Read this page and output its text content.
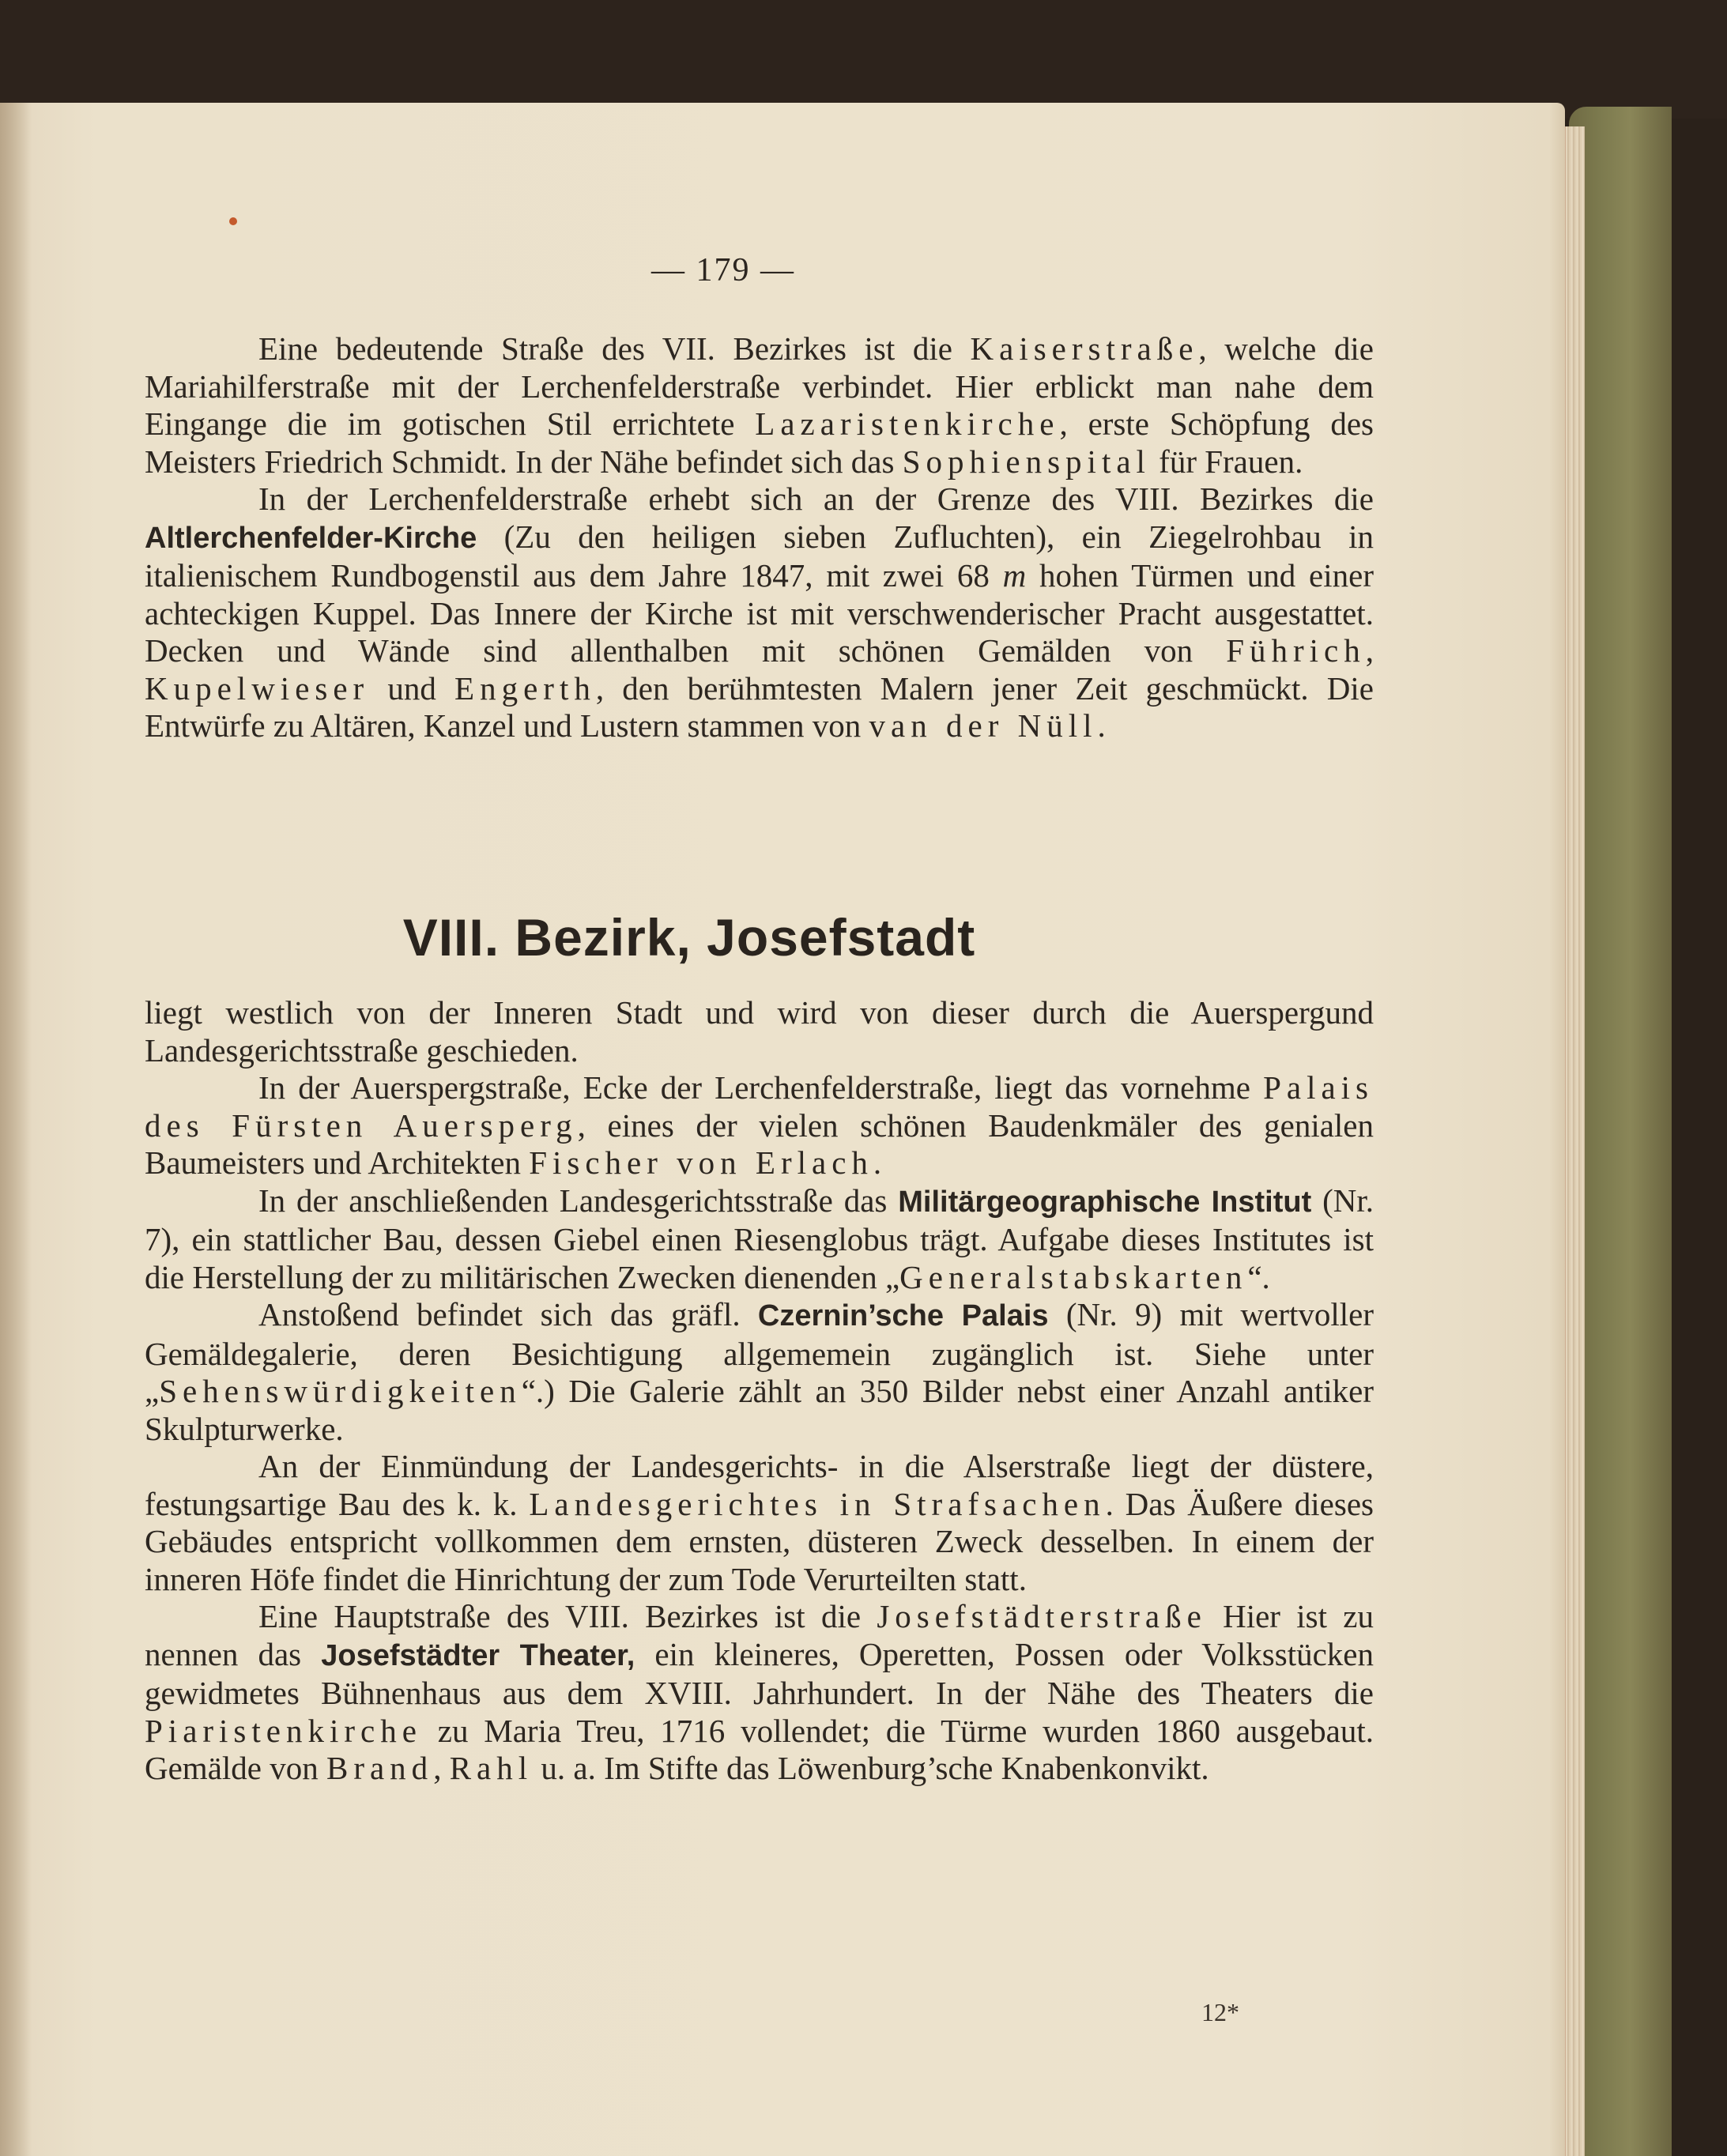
— 179 —

Eine bedeutende Straße des VII. Bezirkes ist die Kaiserstraße, welche die Mariahilferstraße mit der Lerchenfelderstraße verbindet. Hier erblickt man nahe dem Eingange die im gotischen Stil errichtete Lazaristenkirche, erste Schöpfung des Meisters Friedrich Schmidt. In der Nähe befindet sich das Sophienspital für Frauen.

In der Lerchenfelderstraße erhebt sich an der Grenze des VIII. Bezirkes die Altlerchenfelder-Kirche (Zu den heiligen sieben Zufluchten), ein Ziegelrohbau in italienischem Rundbogenstil aus dem Jahre 1847, mit zwei 68 m hohen Türmen und einer achteckigen Kuppel. Das Innere der Kirche ist mit verschwenderischer Pracht ausgestattet. Decken und Wände sind allenthalben mit schönen Gemälden von Führich, Kupelwieser und Engerth, den berühmtesten Malern jener Zeit geschmückt. Die Entwürfe zu Altären, Kanzel und Lustern stammen von van der Nüll.

VIII. Bezirk, Josefstadt

liegt westlich von der Inneren Stadt und wird von dieser durch die Auerspergund Landesgerichtsstraße geschieden.

In der Auerspergstraße, Ecke der Lerchenfelderstraße, liegt das vornehme Palais des Fürsten Auersperg, eines der vielen schönen Baudenkmäler des genialen Baumeisters und Architekten Fischer von Erlach.

In der anschließenden Landesgerichtsstraße das Militärgeographische Institut (Nr. 7), ein stattlicher Bau, dessen Giebel einen Riesenglobus trägt. Aufgabe dieses Institutes ist die Herstellung der zu militärischen Zwecken dienenden „Generalstabskarten“.

Anstoßend befindet sich das gräfl. Czernin’sche Palais (Nr. 9) mit wertvoller Gemäldegalerie, deren Besichtigung allgememein zugänglich ist. Siehe unter „Sehenswürdigkeiten“.) Die Galerie zählt an 350 Bilder nebst einer Anzahl antiker Skulpturwerke.

An der Einmündung der Landesgerichts- in die Alserstraße liegt der düstere, festungsartige Bau des k. k. Landesgerichtes in Strafsachen. Das Äußere dieses Gebäudes entspricht vollkommen dem ernsten, düsteren Zweck desselben. In einem der inneren Höfe findet die Hinrichtung der zum Tode Verurteilten statt.

Eine Hauptstraße des VIII. Bezirkes ist die Josefstädterstraße Hier ist zu nennen das Josefstädter Theater, ein kleineres, Operetten, Possen oder Volksstücken gewidmetes Bühnenhaus aus dem XVIII. Jahrhundert. In der Nähe des Theaters die Piaristenkirche zu Maria Treu, 1716 vollendet; die Türme wurden 1860 ausgebaut. Gemälde von Brand, Rahl u. a. Im Stifte das Löwenburg’sche Knabenkonvikt.

12*
